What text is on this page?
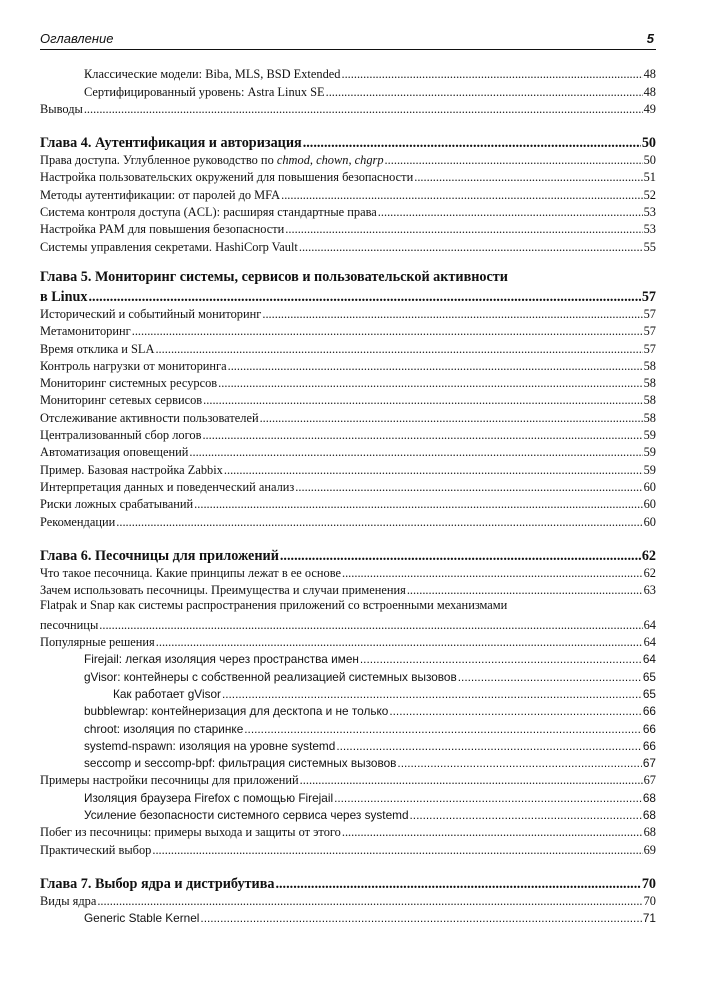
Оглавление	5
Классические модели: Biba, MLS, BSD Extended .....	48
Сертифицированный уровень: Astra Linux SE .....	48
Выводы .....	49
Глава 4. Аутентификация и авторизация .....	50
Права доступа. Углубленное руководство по chmod, chown, chgrp .....	50
Настройка пользовательских окружений для повышения безопасности .....	51
Методы аутентификации: от паролей до MFA .....	52
Система контроля доступа (ACL): расширяя стандартные права .....	53
Настройка PAM для повышения безопасности .....	53
Системы управления секретами. HashiCorp Vault .....	55
Глава 5. Мониторинг системы, сервисов и пользовательской активности
в Linux .....	57
Исторический и событийный мониторинг .....	57
Метамониторинг .....	57
Время отклика и SLA .....	57
Контроль нагрузки от мониторинга .....	58
Мониторинг системных ресурсов .....	58
Мониторинг сетевых сервисов .....	58
Отслеживание активности пользователей .....	58
Централизованный сбор логов .....	59
Автоматизация оповещений .....	59
Пример. Базовая настройка Zabbix .....	59
Интерпретация данных и поведенческий анализ .....	60
Риски ложных срабатываний .....	60
Рекомендации .....	60
Глава 6. Песочницы для приложений .....	62
Что такое песочница. Какие принципы лежат в ее основе .....	62
Зачем использовать песочницы. Преимущества и случаи применения .....	63
Flatpak и Snap как системы распространения приложений со встроенными механизмами
песочницы .....	64
Популярные решения .....	64
Firejail: легкая изоляция через пространства имен .....	64
gVisor: контейнеры с собственной реализацией системных вызовов .....	65
Как работает gVisor .....	65
bubblewrap: контейнеризация для десктопа и не только .....	66
chroot: изоляция по старинке .....	66
systemd-nspawn: изоляция на уровне systemd .....	66
seccomp и seccomp-bpf: фильтрация системных вызовов .....	67
Примеры настройки песочницы для приложений .....	67
Изоляция браузера Firefox с помощью Firejail .....	68
Усиление безопасности системного сервиса через systemd .....	68
Побег из песочницы: примеры выхода и защиты от этого .....	68
Практический выбор .....	69
Глава 7. Выбор ядра и дистрибутива .....	70
Виды ядра .....	70
Generic Stable Kernel .....	71
